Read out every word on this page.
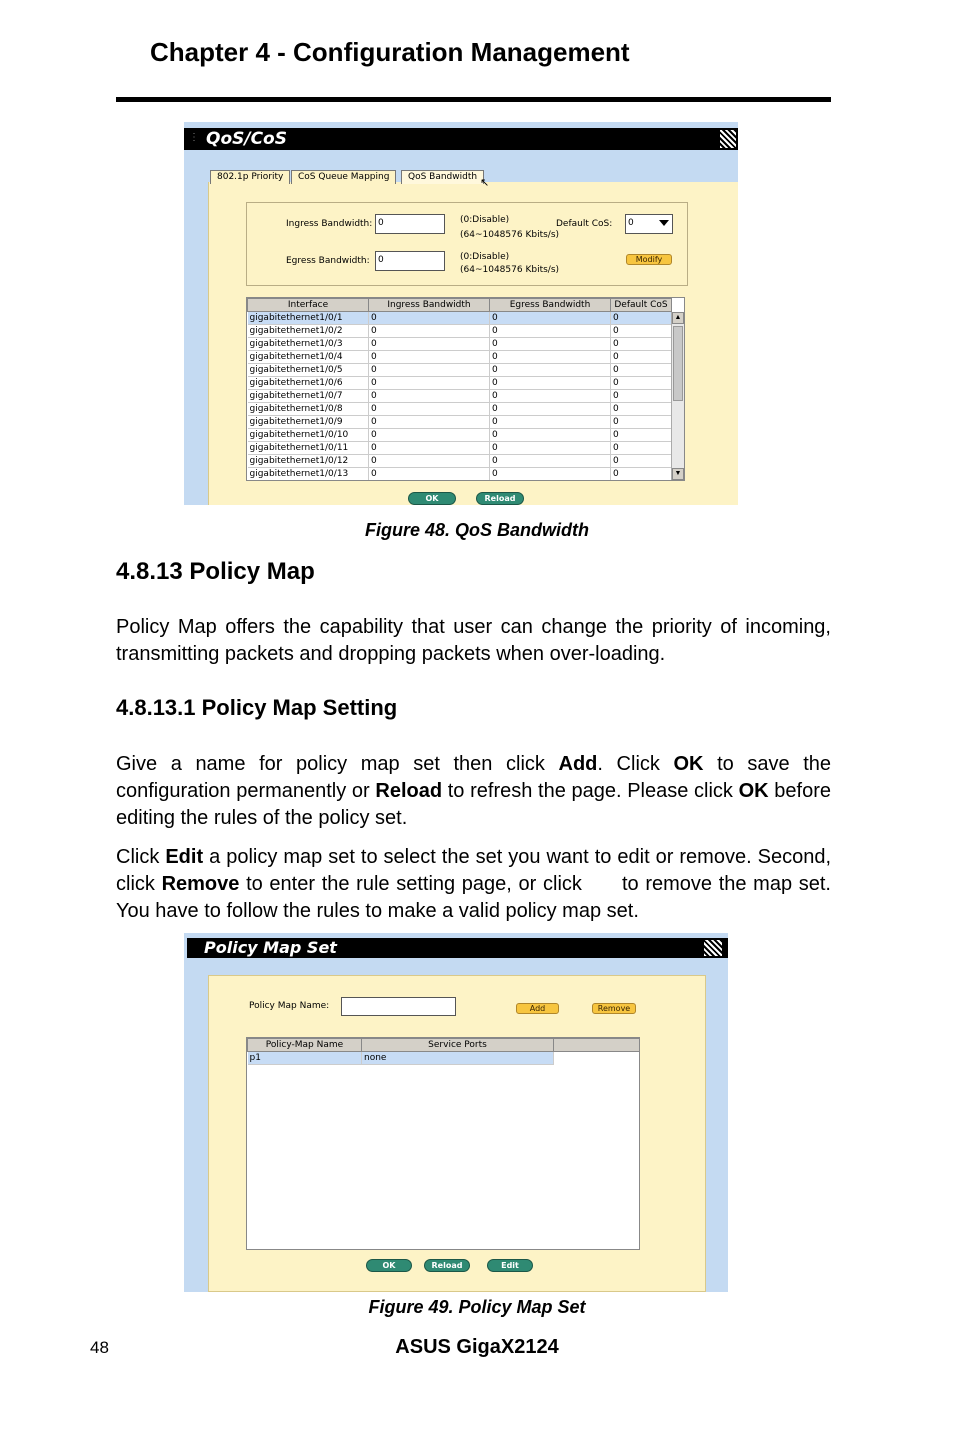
Chapter 4 - Configuration Management
⋮ QoS/CoS
802.1p Priority	CoS Queue Mapping	QoS Bandwidth ↖
Ingress Bandwidth: 0	(0:Disable)
(64~1048576 Kbits/s)
Default CoS:	0
Egress Bandwidth: 0	(0:Disable)
(64~1048576 Kbits/s)
Modify
Interface	Ingress Bandwidth	Egress Bandwidth	Default CoS
gigabitethernet1/0/1	0	0	0
gigabitethernet1/0/2	0	0	0
gigabitethernet1/0/3	0	0	0
gigabitethernet1/0/4	0	0	0
gigabitethernet1/0/5	0	0	0
gigabitethernet1/0/6	0	0	0
gigabitethernet1/0/7	0	0	0
gigabitethernet1/0/8	0	0	0
gigabitethernet1/0/9	0	0	0
gigabitethernet1/0/10	0	0	0
gigabitethernet1/0/11	0	0	0
gigabitethernet1/0/12	0	0	0
gigabitethernet1/0/13	0	0	0
▲
▼
OK	Reload
Figure 48. QoS Bandwidth
4.8.13 Policy Map

Policy Map offers the capability that user can change the priority of incoming, transmitting packets and dropping packets when over-loading.

4.8.13.1 Policy Map Setting

Give a name for policy map set then click Add. Click OK to save the configuration permanently or Reload to refresh the page. Please click OK before editing the rules of the policy set.

Click Edit a policy map set to select the set you want to edit or remove. Second, click Remove to enter the rule setting page, or click      to remove the map set. You have to follow the rules to make a valid policy map set.

Policy Map Set
Policy Map Name:	Add	Remove
Policy-Map Name	Service Ports	
p1	none	
OK	Reload	Edit
Figure 49. Policy Map Set
48	ASUS GigaX2124
